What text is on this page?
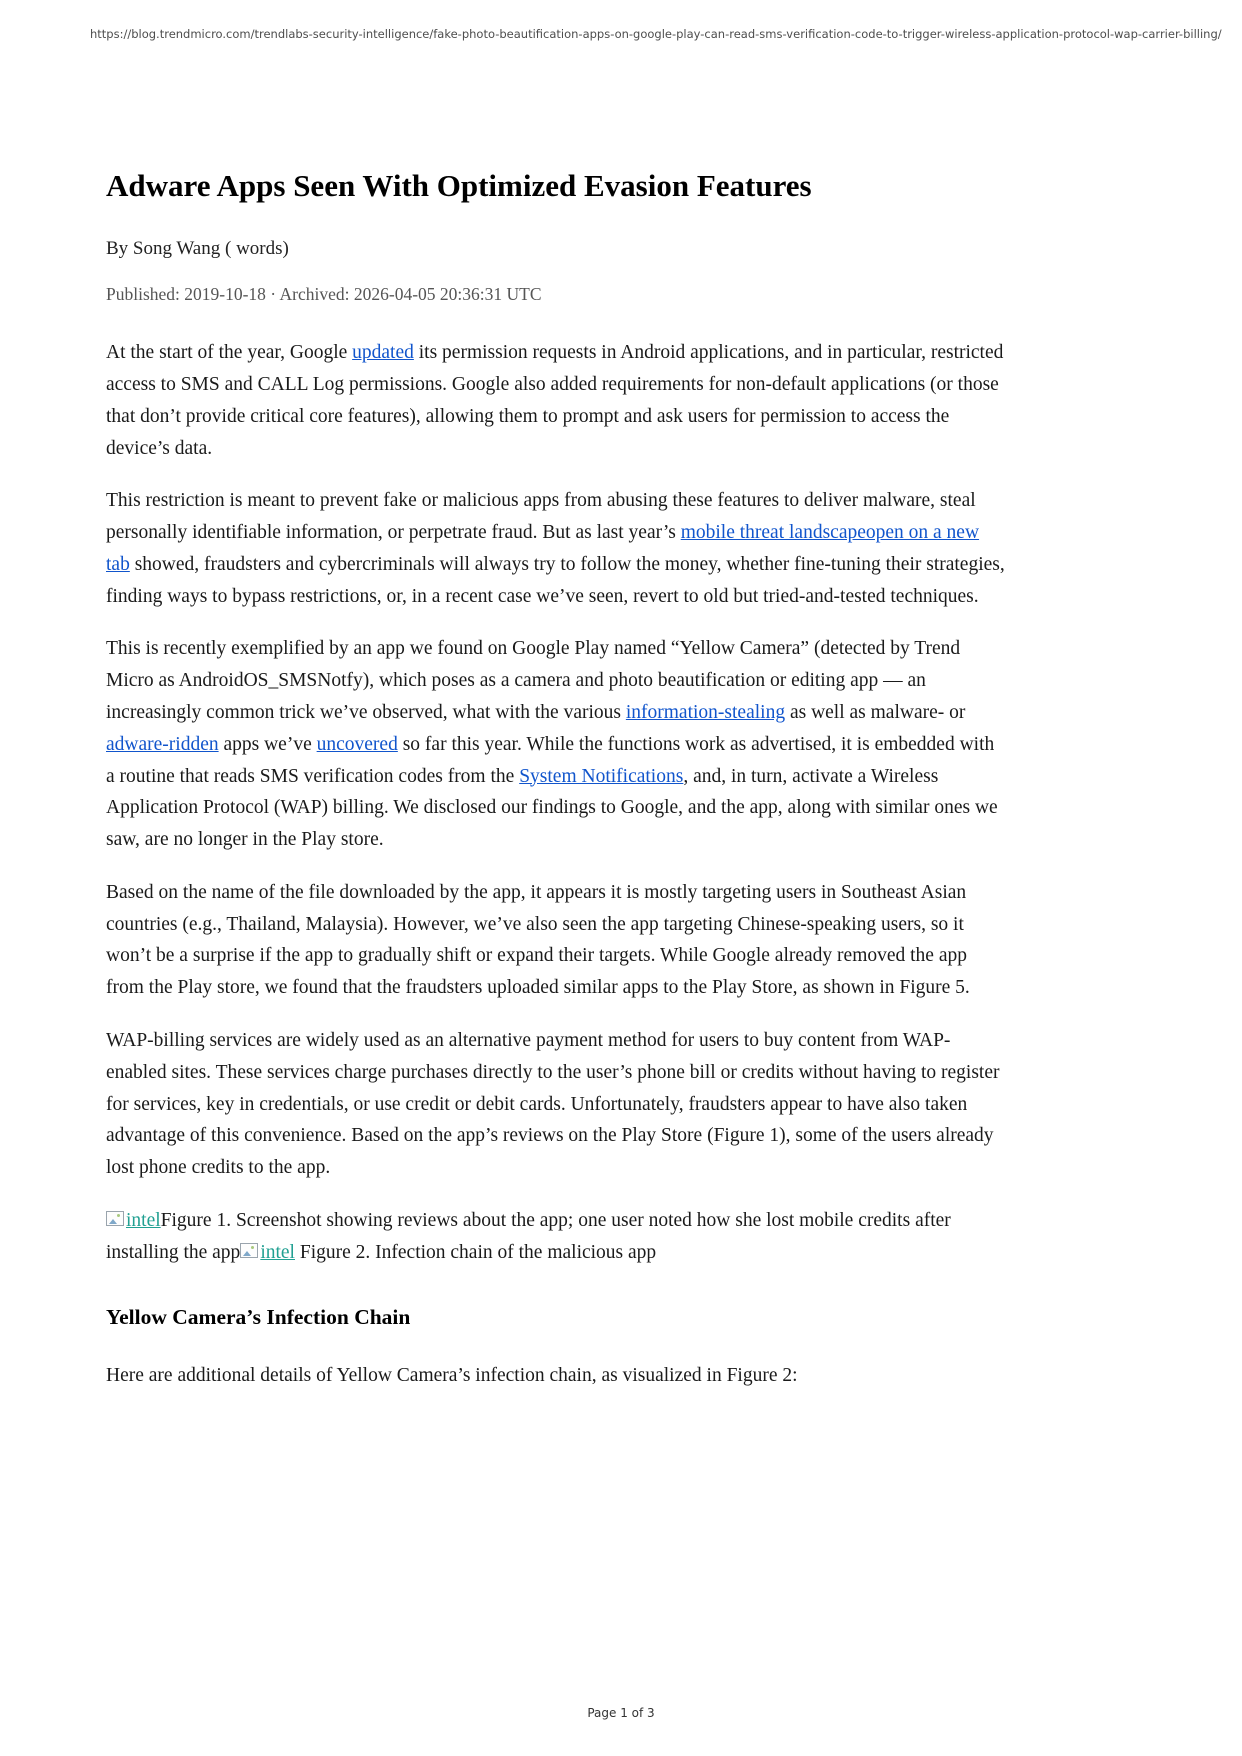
https://blog.trendmicro.com/trendlabs-security-intelligence/fake-photo-beautification-apps-on-google-play-can-read-sms-verification-code-to-trigger-wireless-application-protocol-wap-carrier-billing/
Adware Apps Seen With Optimized Evasion Features

By Song Wang ( words)

Published: 2019-10-18 · Archived: 2026-04-05 20:36:31 UTC

At the start of the year, Google updated its permission requests in Android applications, and in particular, restricted access to SMS and CALL Log permissions. Google also added requirements for non-default applications (or those that don’t provide critical core features), allowing them to prompt and ask users for permission to access the device’s data.

This restriction is meant to prevent fake or malicious apps from abusing these features to deliver malware, steal personally identifiable information, or perpetrate fraud. But as last year’s mobile threat landscapeopen on a new tab showed, fraudsters and cybercriminals will always try to follow the money, whether fine-tuning their strategies, finding ways to bypass restrictions, or, in a recent case we’ve seen, revert to old but tried-and-tested techniques.

This is recently exemplified by an app we found on Google Play named “Yellow Camera” (detected by Trend Micro as AndroidOS_SMSNotfy), which poses as a camera and photo beautification or editing app — an increasingly common trick we’ve observed, what with the various information-stealing as well as malware- or adware-ridden apps we’ve uncovered so far this year. While the functions work as advertised, it is embedded with a routine that reads SMS verification codes from the System Notifications, and, in turn, activate a Wireless Application Protocol (WAP) billing. We disclosed our findings to Google, and the app, along with similar ones we saw, are no longer in the Play store.

Based on the name of the file downloaded by the app, it appears it is mostly targeting users in Southeast Asian countries (e.g., Thailand, Malaysia). However, we’ve also seen the app targeting Chinese-speaking users, so it won’t be a surprise if the app to gradually shift or expand their targets. While Google already removed the app from the Play store, we found that the fraudsters uploaded similar apps to the Play Store, as shown in Figure 5.

WAP-billing services are widely used as an alternative payment method for users to buy content from WAP-enabled sites. These services charge purchases directly to the user’s phone bill or credits without having to register for services, key in credentials, or use credit or debit cards. Unfortunately, fraudsters appear to have also taken advantage of this convenience. Based on the app’s reviews on the Play Store (Figure 1), some of the users already lost phone credits to the app.

intelFigure 1. Screenshot showing reviews about the app; one user noted how she lost mobile credits after installing the app intel Figure 2. Infection chain of the malicious app

Yellow Camera’s Infection Chain

Here are additional details of Yellow Camera’s infection chain, as visualized in Figure 2:

Page 1 of 3
